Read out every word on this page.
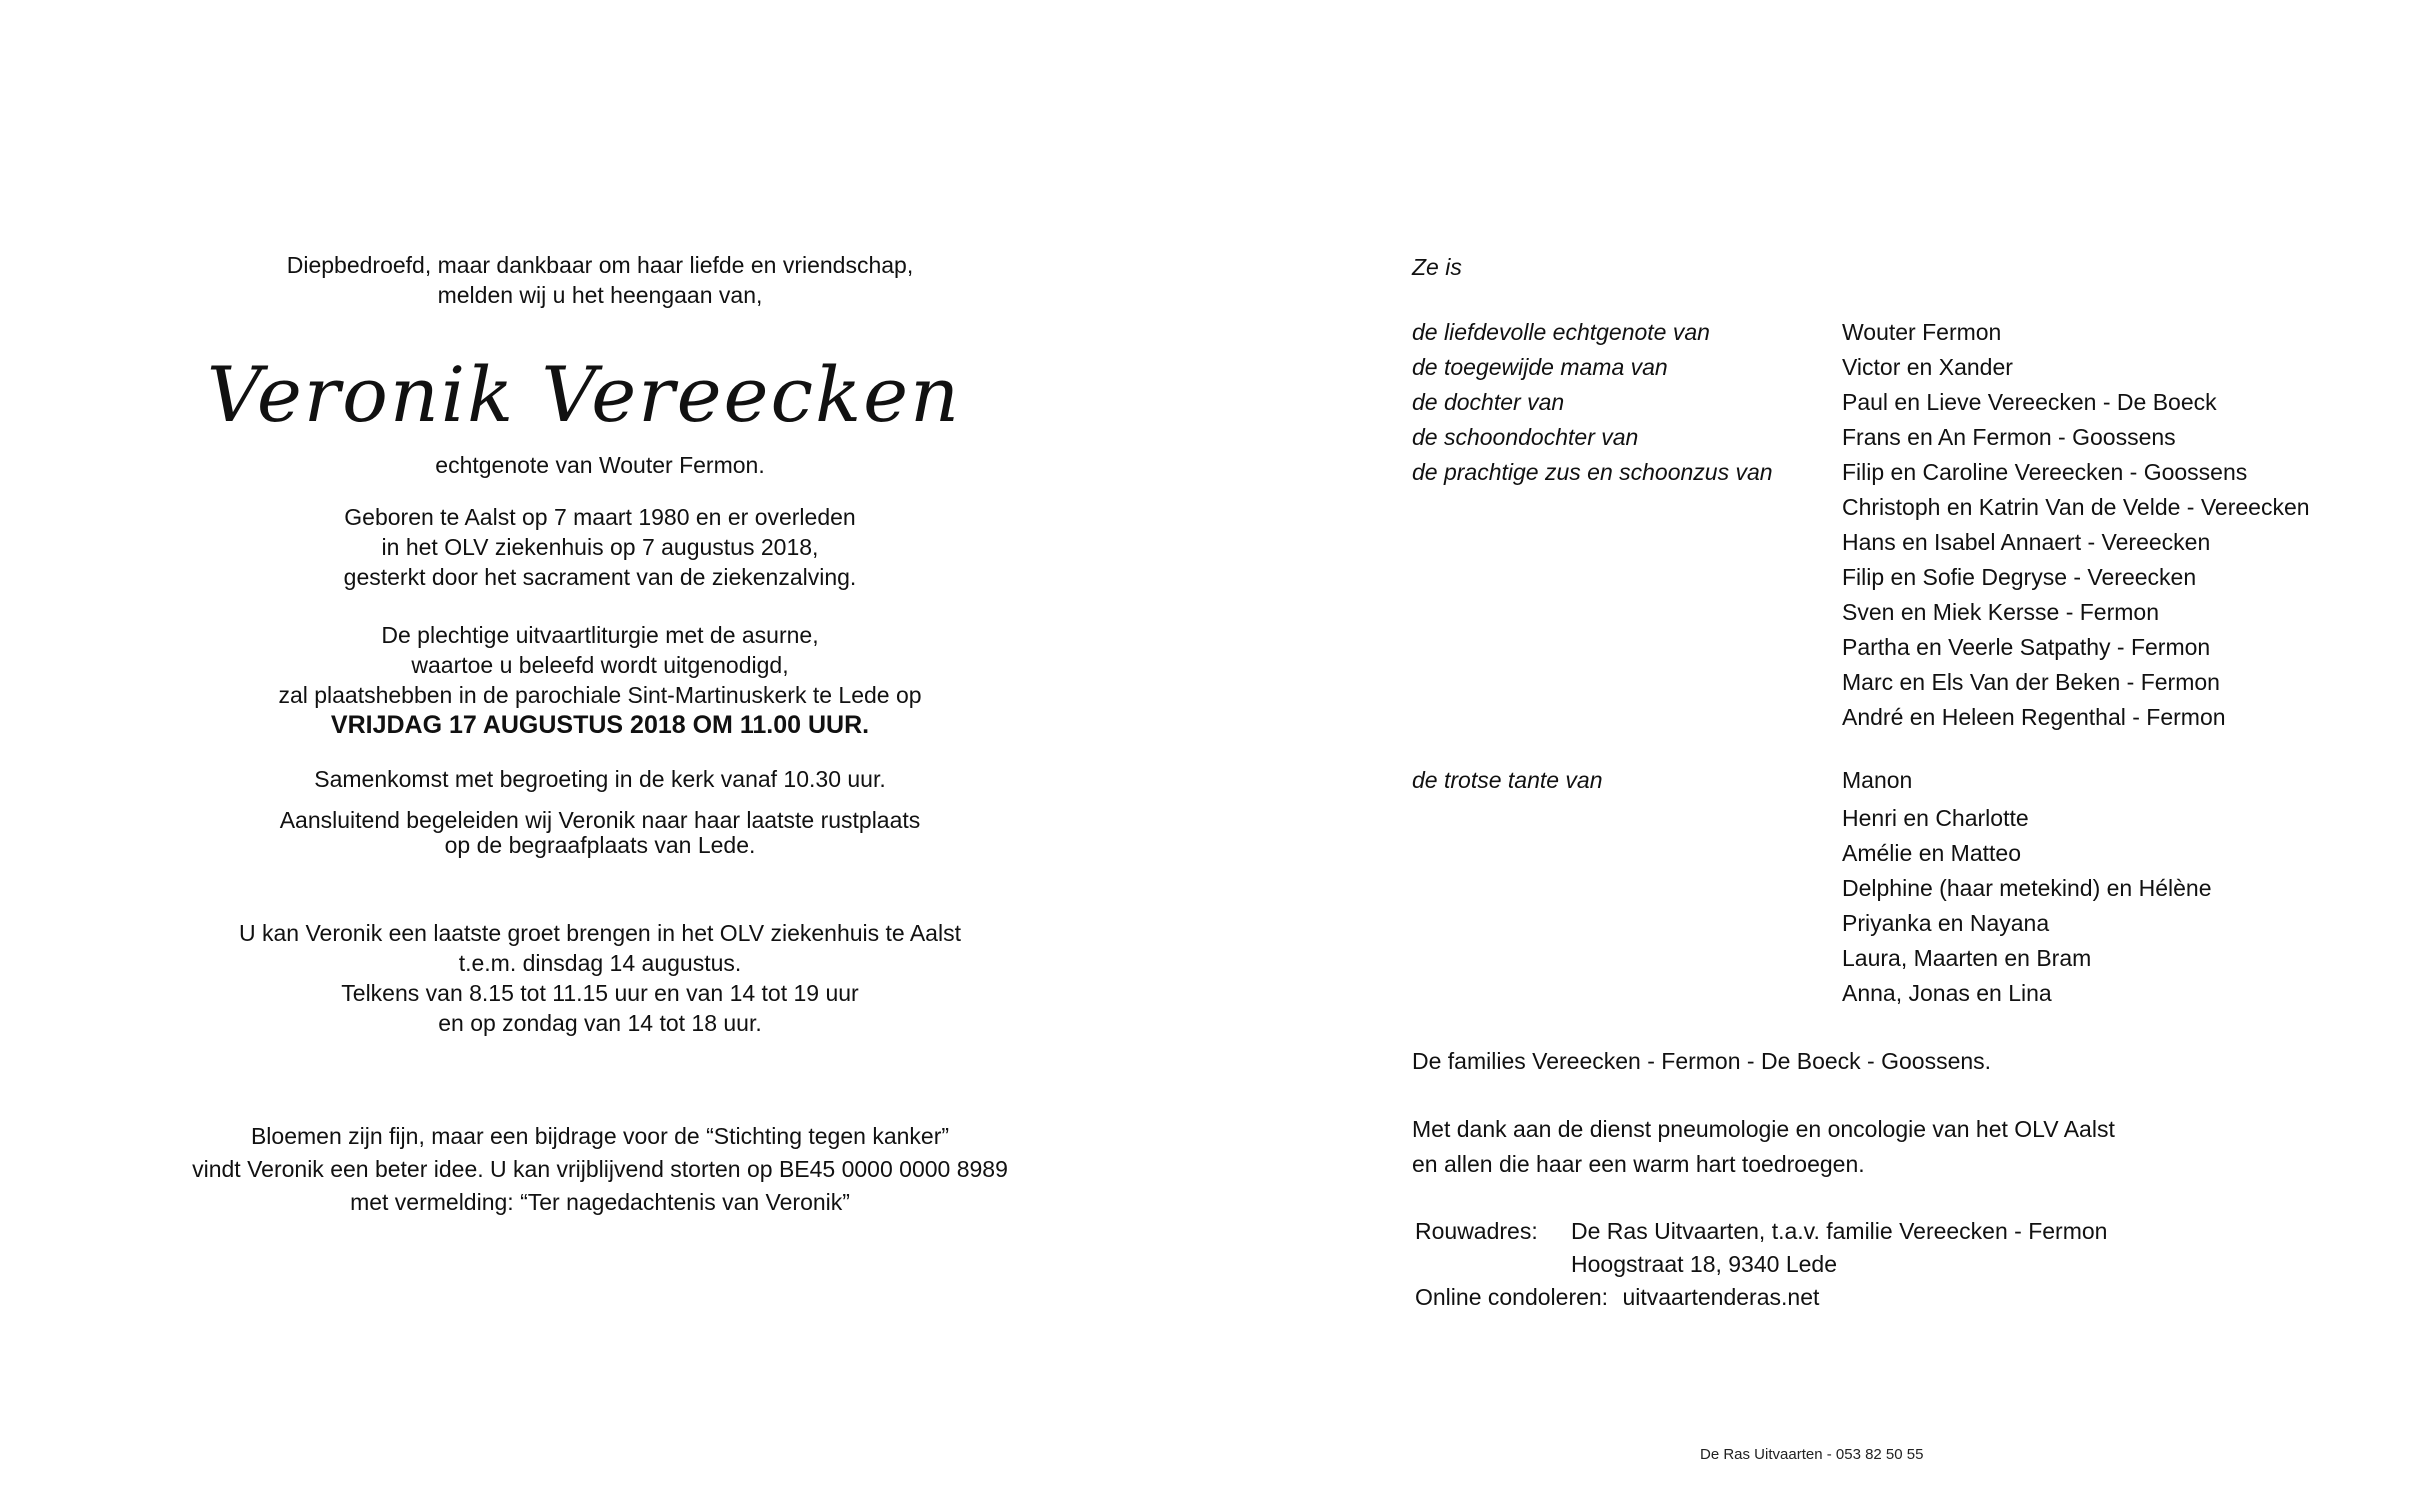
Diepbedroefd, maar dankbaar om haar liefde en vriendschap,

melden wij u het heengaan van,

Veronik Vereecken

echtgenote van Wouter Fermon.

Geboren te Aalst op 7 maart 1980 en er overleden

in het OLV ziekenhuis op 7 augustus 2018,

gesterkt door het sacrament van de ziekenzalving.

De plechtige uitvaartliturgie met de asurne,

waartoe u beleefd wordt uitgenodigd,

zal plaatshebben in de parochiale Sint-Martinuskerk te Lede op

VRIJDAG 17 AUGUSTUS 2018 OM 11.00 UUR.

Samenkomst met begroeting in de kerk vanaf 10.30 uur.

Aansluitend begeleiden wij Veronik naar haar laatste rustplaats

op de begraafplaats van Lede.

U kan Veronik een laatste groet brengen in het OLV ziekenhuis te Aalst

t.e.m. dinsdag 14 augustus.

Telkens van 8.15 tot 11.15 uur en van 14 tot 19 uur

en op zondag van 14 tot 18 uur.

Bloemen zijn fijn, maar een bijdrage voor de “Stichting tegen kanker”

vindt Veronik een beter idee. U kan vrijblijvend storten op BE45 0000 0000 8989

met vermelding: “Ter nagedachtenis van Veronik”

Ze is
de liefdevolle echtgenote van
de toegewijde mama van
de dochter van
de schoondochter van
de prachtige zus en schoonzus van
Wouter Fermon
Victor en Xander
Paul en Lieve Vereecken - De Boeck
Frans en An Fermon - Goossens
Filip en Caroline Vereecken - Goossens
Christoph en Katrin Van de Velde - Vereecken
Hans en Isabel Annaert - Vereecken
Filip en Sofie Degryse - Vereecken
Sven en Miek Kersse - Fermon
Partha en Veerle Satpathy - Fermon
Marc en Els Van der Beken - Fermon
André en Heleen Regenthal - Fermon
de trotse tante van	Manon
Henri en Charlotte
Amélie en Matteo
Delphine (haar metekind) en Hélène
Priyanka en Nayana
Laura, Maarten en Bram
Anna, Jonas en Lina
De families Vereecken - Fermon - De Boeck - Goossens.
Met dank aan de dienst pneumologie en oncologie van het OLV Aalst
en allen die haar een warm hart toedroegen.
Rouwadres:	De Ras Uitvaarten, t.a.v. familie Vereecken - Fermon
Hoogstraat 18, 9340 Lede
Online condoleren: uitvaartenderas.net
De Ras Uitvaarten - 053 82 50 55
